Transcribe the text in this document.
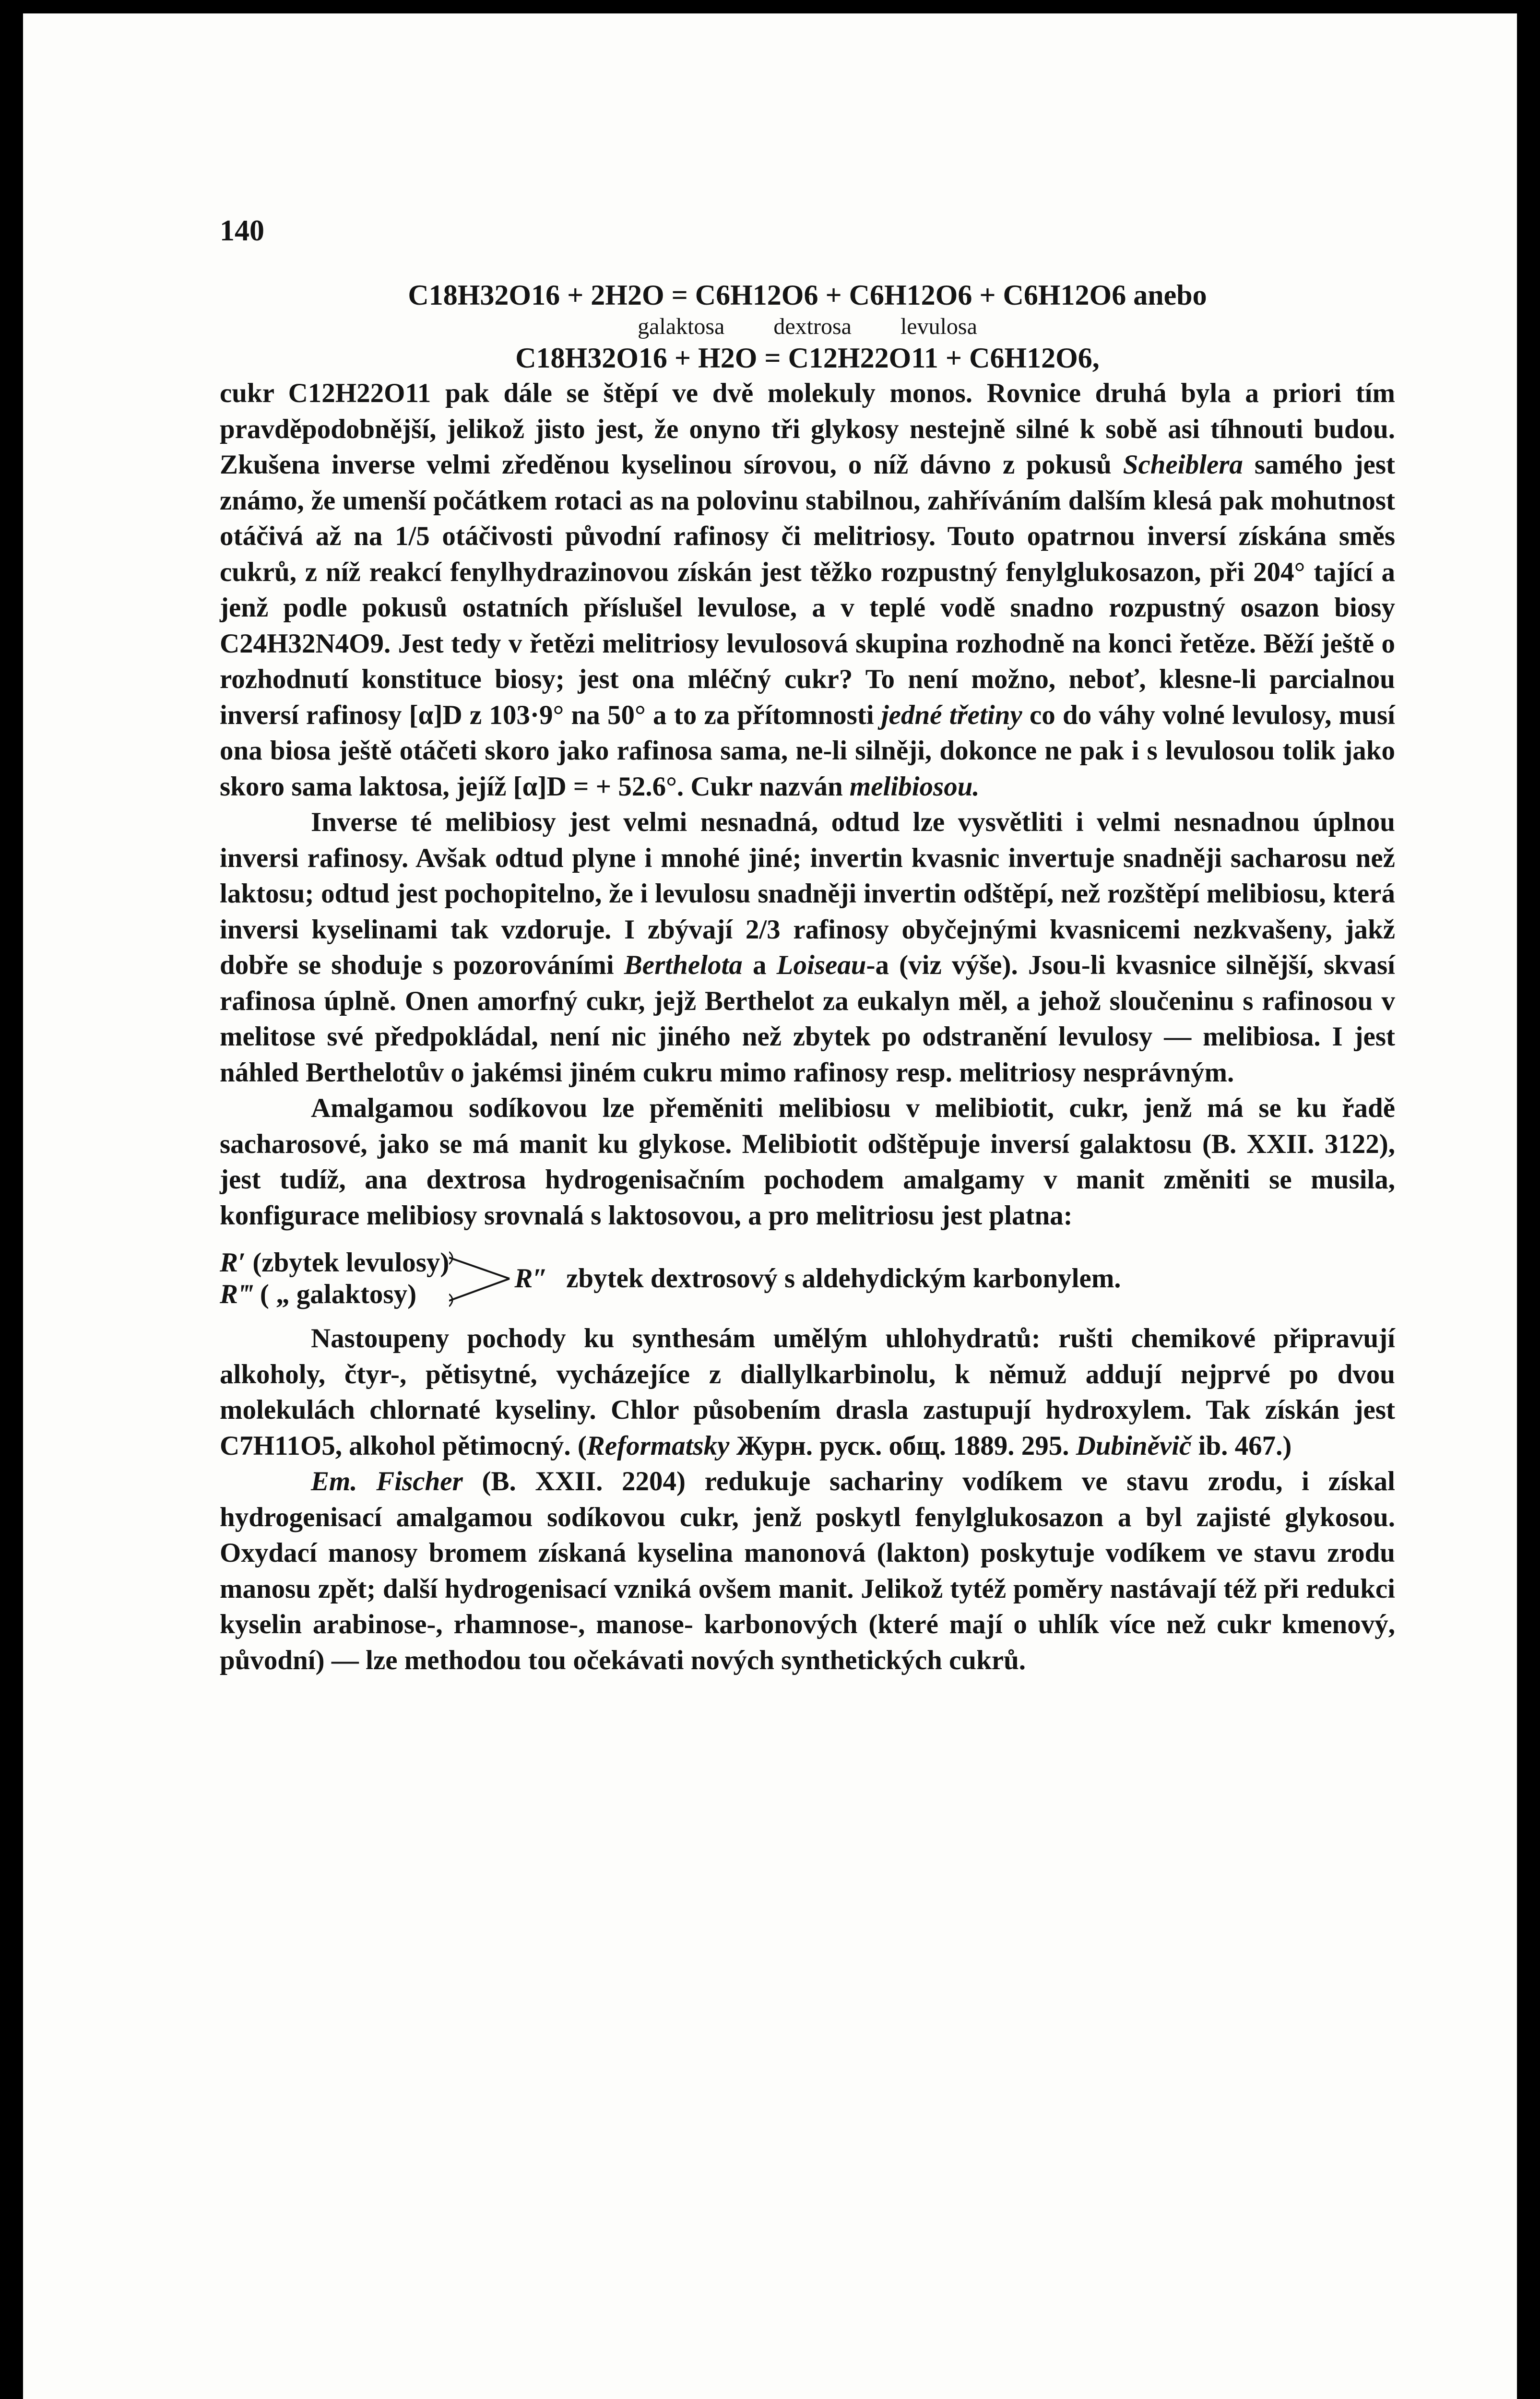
140
C18H32O16 + 2H2O = C6H12O6 + C6H12O6 + C6H12O6 anebo
galaktosa dextrosa levulosa
C18H32O16 + H2O = C12H22O11 + C6H12O6,

cukr C12H22O11 pak dále se štěpí ve dvě molekuly monos. Rovnice druhá byla a priori tím pravděpodobnější, jelikož jisto jest, že onyno tři glykosy nestejně silné k sobě asi tíhnouti budou. Zkušena inverse velmi zředěnou kyselinou sírovou, o níž dávno z pokusů Scheiblera samého jest známo, že umenší počátkem rotaci as na polovinu stabilnou, zahříváním dalším klesá pak mohutnost otáčivá až na 1/5 otáčivosti původní rafinosy či melitriosy. Touto opatrnou inversí získána směs cukrů, z níž reakcí fenylhydrazinovou získán jest těžko rozpustný fenylglukosazon, při 204° tající a jenž podle pokusů ostatních příslušel levulose, a v teplé vodě snadno rozpustný osazon biosy C24H32N4O9. Jest tedy v řetězi melitriosy levulosová skupina rozhodně na konci řetěze. Běží ještě o rozhodnutí konstituce biosy; jest ona mléčný cukr? To není možno, neboť, klesne-li parcialnou inversí rafinosy [α]D z 103·9° na 50° a to za přítomnosti jedné třetiny co do váhy volné levulosy, musí ona biosa ještě otáčeti skoro jako rafinosa sama, ne-li silněji, dokonce ne pak i s levulosou tolik jako skoro sama laktosa, jejíž [α]D = + 52.6°. Cukr nazván melibiosou.

Inverse té melibiosy jest velmi nesnadná, odtud lze vysvětliti i velmi nesnadnou úplnou inversi rafinosy. Avšak odtud plyne i mnohé jiné; invertin kvasnic invertuje snadněji sacharosu než laktosu; odtud jest pochopitelno, že i levulosu snadněji invertin odštěpí, než rozštěpí melibiosu, která inversi kyselinami tak vzdoruje. I zbývají 2/3 rafinosy obyčejnými kvasnicemi nezkvašeny, jakž dobře se shoduje s pozorováními Berthelota a Loiseau-a (viz výše). Jsou-li kvasnice silnější, skvasí rafinosa úplně. Onen amorfný cukr, jejž Berthelot za eukalyn měl, a jehož sloučeninu s rafinosou v melitose své předpokládal, není nic jiného než zbytek po odstranění levulosy — melibiosa. I jest náhled Berthelotův o jakémsi jiném cukru mimo rafinosy resp. melitriosy nesprávným.

Amalgamou sodíkovou lze přeměniti melibiosu v melibiotit, cukr, jenž má se ku řadě sacharosové, jako se má manit ku glykose. Melibiotit odštěpuje inversí galaktosu (B. XXII. 3122), jest tudíž, ana dextrosa hydrogenisačním pochodem amalgamy v manit změniti se musila, konfigurace melibiosy srovnalá s laktosovou, a pro melitriosu jest platna:

R′ (zbytek levulosy)
R‴ ( „ galaktosy)
R″ zbytek dextrosový s aldehydickým karbonylem.

Nastoupeny pochody ku synthesám umělým uhlohydratů: rušti chemikové připravují alkoholy, čtyr-, pětisytné, vycházejíce z diallylkarbinolu, k němuž addují nejprvé po dvou molekulách chlornaté kyseliny. Chlor působením drasla zastupují hydroxylem. Tak získán jest C7H11O5, alkohol pětimocný. (Reformatsky Журн. руск. общ. 1889. 295. Dubiněvič ib. 467.)

Em. Fischer (B. XXII. 2204) redukuje sachariny vodíkem ve stavu zrodu, i získal hydrogenisací amalgamou sodíkovou cukr, jenž poskytl fenylglukosazon a byl zajisté glykosou. Oxydací manosy bromem získaná kyselina manonová (lakton) poskytuje vodíkem ve stavu zrodu manosu zpět; další hydrogenisací vzniká ovšem manit. Jelikož tytéž poměry nastávají též při redukci kyselin arabinose-, rhamnose-, manose- karbonových (které mají o uhlík více než cukr kmenový, původní) — lze methodou tou očekávati nových synthetických cukrů.
